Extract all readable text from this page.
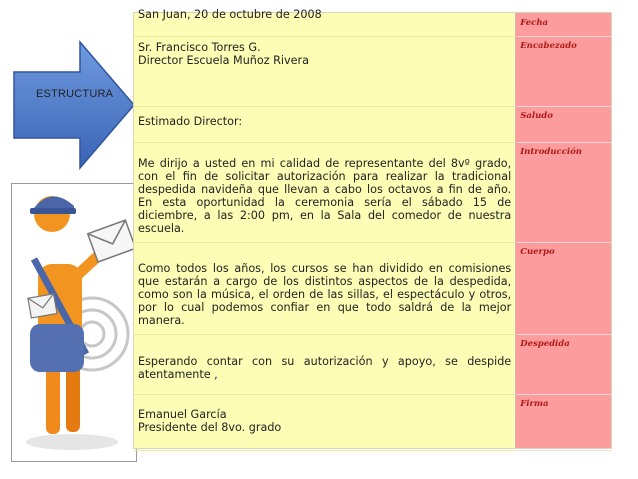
ESTRUCTURA
San Juan, 20 de octubre de 2008
Sr. Francisco Torres G.
Director Escuela Muñoz Rivera
Estimado Director:
Me dirijo a usted en mi calidad de representante del 8vº grado, con el fin de solicitar autorización para realizar la tradicional despedida navideña que llevan a cabo los octavos a fin de año. En esta oportunidad la ceremonia sería el sábado 15 de diciembre, a las 2:00 pm, en la Sala del comedor de nuestra escuela.
Como todos los años, los cursos se han dividido en comisiones que estarán a cargo de los distintos aspectos de la despedida, como son la música, el orden de las sillas, el espectáculo y otros, por lo cual podemos confiar en que todo saldrá de la mejor manera.
Esperando contar con su autorización y apoyo, se despide atentamente ,
Emanuel García
Presidente del 8vo. grado
Fecha
Encabezado
Saludo
Introducción
Cuerpo
Despedida
Firma
